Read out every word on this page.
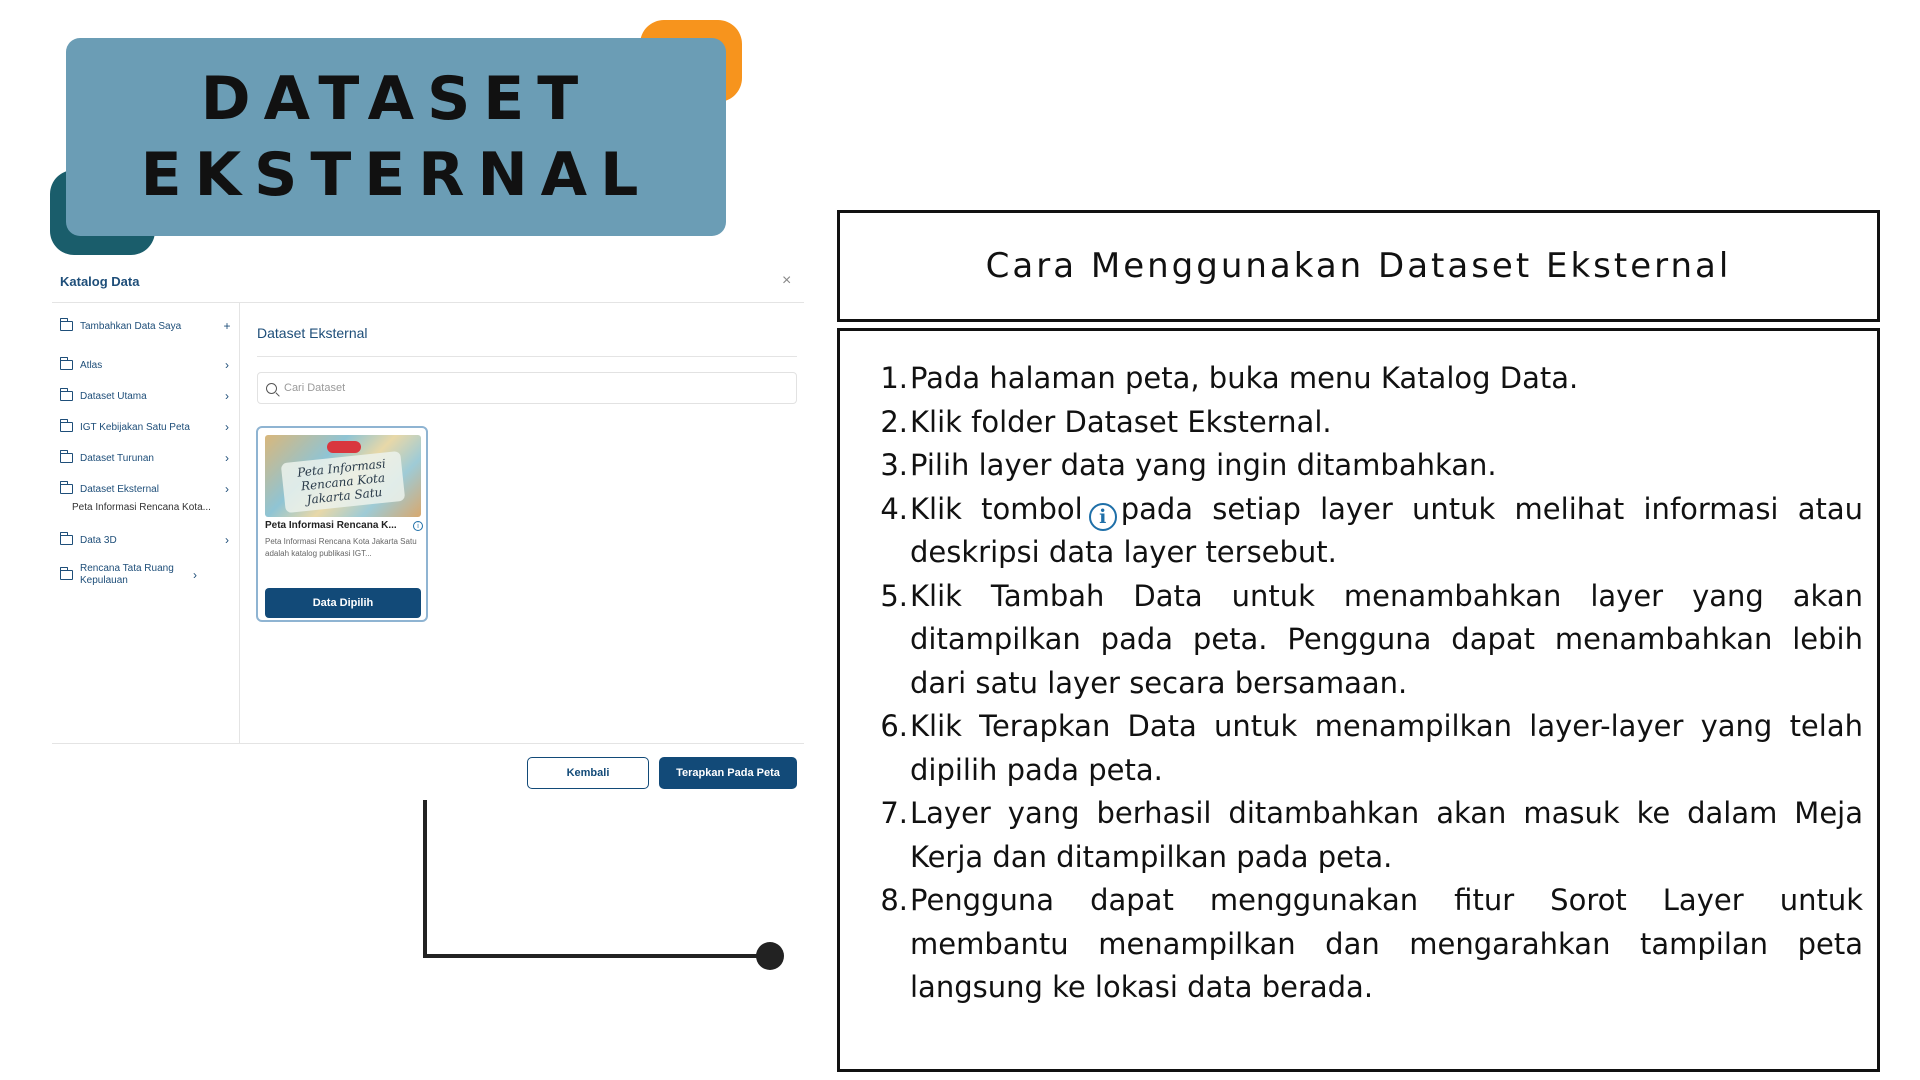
DATASET
EKSTERNAL
Katalog Data	×
Tambahkan Data Saya	+
Atlas	›
Dataset Utama	›
IGT Kebijakan Satu Peta	›
Dataset Turunan	›
Dataset Eksternal	›
Peta Informasi Rencana Kota...
Data 3D	›
Rencana Tata Ruang Kepulauan	›
Dataset Eksternal
Cari Dataset
Peta Informasi Rencana Kota Jakarta Satu
Peta Informasi Rencana K...	i
Peta Informasi Rencana Kota Jakarta Satu adalah katalog publikasi IGT...
Data Dipilih
Kembali	Terapkan Pada Peta
Cara Menggunakan Dataset Eksternal
1. Pada halaman peta, buka menu Katalog Data.
2. Klik folder Dataset Eksternal.
3. Pilih layer data yang ingin ditambahkan.
4. Klik tombol i pada setiap layer untuk melihat informasi atau deskripsi data layer tersebut.
5. Klik Tambah Data untuk menambahkan layer yang akan ditampilkan pada peta. Pengguna dapat menambahkan lebih dari satu layer secara bersamaan.
6. Klik Terapkan Data untuk menampilkan layer-layer yang telah dipilih pada peta.
7. Layer yang berhasil ditambahkan akan masuk ke dalam Meja Kerja dan ditampilkan pada peta.
8. Pengguna dapat menggunakan fitur Sorot Layer untuk membantu menampilkan dan mengarahkan tampilan peta langsung ke lokasi data berada.
